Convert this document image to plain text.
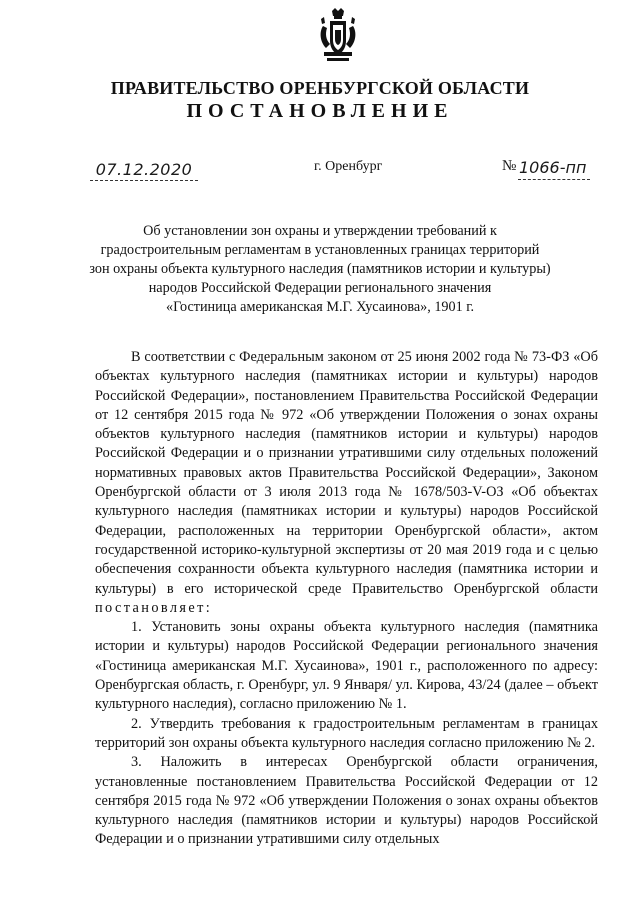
ПРАВИТЕЛЬСТВО ОРЕНБУРГСКОЙ ОБЛАСТИ
ПОСТАНОВЛЕНИЕ
07.12.2020	г. Оренбург	№ 1066-пп
Об установлении зон охраны и утверждении требований к
градостроительным регламентам в установленных границах территорий
зон охраны объекта культурного наследия (памятников истории и культуры)
народов Российской Федерации регионального значения
«Гостиница американская М.Г. Хусаинова», 1901 г.

В соответствии с Федеральным законом от 25 июня 2002 года № 73-ФЗ «Об объектах культурного наследия (памятниках истории и культуры) народов Российской Федерации», постановлением Правительства Российской Федерации от 12 сентября 2015 года № 972 «Об утверждении Положения о зонах охраны объектов культурного наследия (памятников истории и культуры) народов Российской Федерации и о признании утратившими силу отдельных положений нормативных правовых актов Правительства Российской Федерации», Законом Оренбургской области от 3 июля 2013 года № 1678/503-V-ОЗ «Об объектах культурного наследия (памятниках истории и культуры) народов Российской Федерации, расположенных на территории Оренбургской области», актом государственной историко-культурной экспертизы от 20 мая 2019 года и с целью обеспечения сохранности объекта культурного наследия (памятника истории и культуры) в его исторической среде Правительство Оренбургской области постановляет:

1. Установить зоны охраны объекта культурного наследия (памятника истории и культуры) народов Российской Федерации регионального значения «Гостиница американская М.Г. Хусаинова», 1901 г., расположенного по адресу: Оренбургская область, г. Оренбург, ул. 9 Января/ ул. Кирова, 43/24 (далее – объект культурного наследия), согласно приложению № 1.

2. Утвердить требования к градостроительным регламентам в границах территорий зон охраны объекта культурного наследия согласно приложению № 2.

3. Наложить в интересах Оренбургской области ограничения, установленные постановлением Правительства Российской Федерации от 12 сентября 2015 года № 972 «Об утверждении Положения о зонах охраны объектов культурного наследия (памятников истории и культуры) народов Российской Федерации и о признании утратившими силу отдельных
